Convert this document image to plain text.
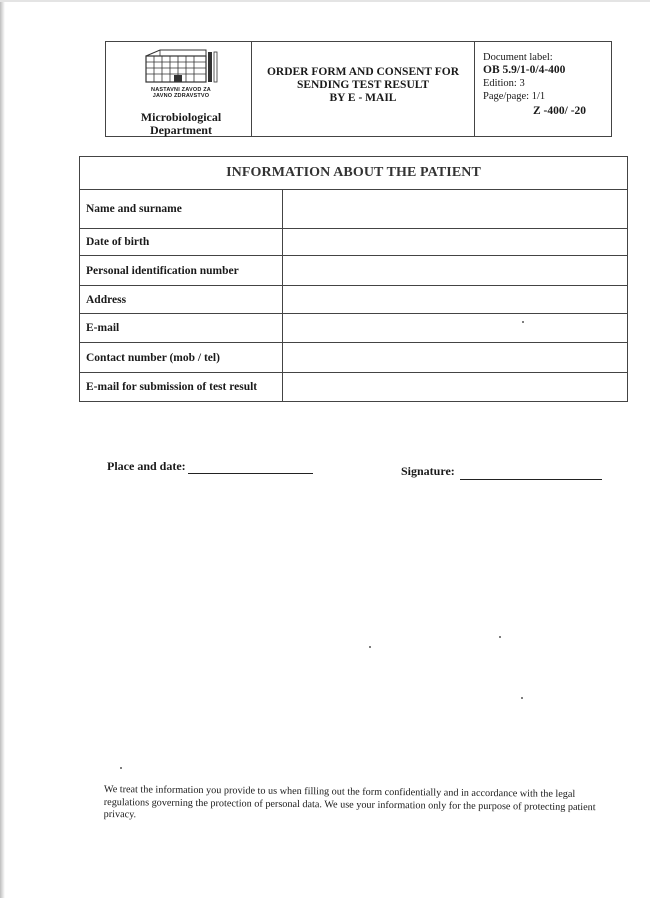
NASTAVNI ZAVOD ZA
JAVNO ZDRAVSTVO
Microbiological
Department
ORDER FORM AND CONSENT FOR
SENDING TEST RESULT
BY E - MAIL
Document label:
OB 5.9/1-0/4-400
Edition: 3
Page/page: 1/1
Z -400/ -20
INFORMATION ABOUT THE PATIENT
Name and surname
Date of birth
Personal identification number
Address
E-mail
Contact number (mob / tel)
E-mail for submission of test result
Place and date:	Signature:
We treat the information you provide to us when filling out the form confidentially and in accordance with the legal regulations governing the protection of personal data. We use your information only for the purpose of protecting patient privacy.
